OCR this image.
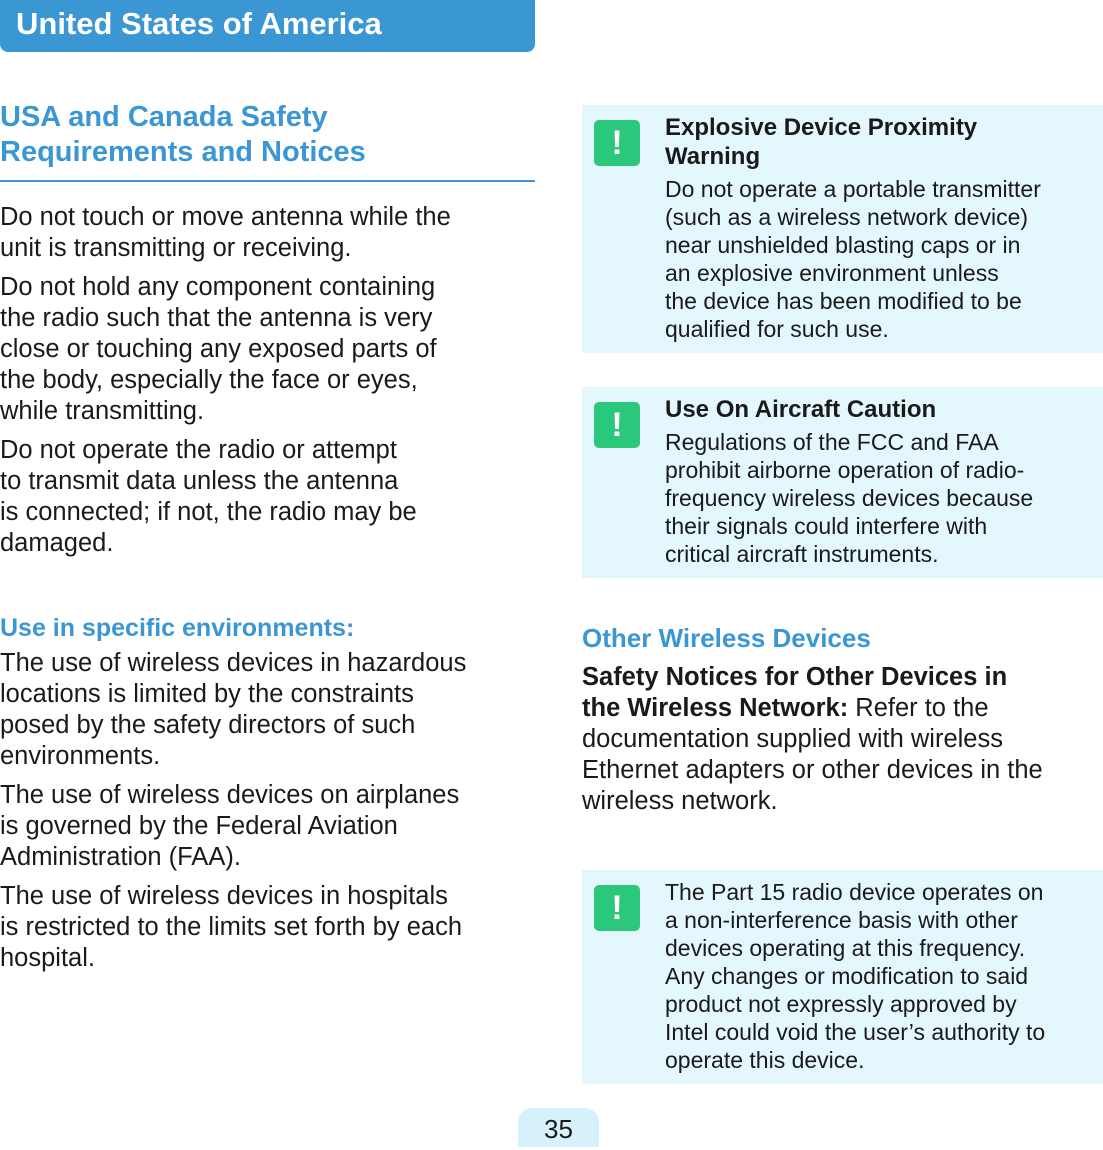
United States of America
USA and Canada Safety
Requirements and Notices

Do not touch or move antenna while the
unit is transmitting or receiving.

Do not hold any component containing
the radio such that the antenna is very
close or touching any exposed parts of
the body, especially the face or eyes,
while transmitting.

Do not operate the radio or attempt
to transmit data unless the antenna
is connected; if not, the radio may be
damaged.

Use in specific environments:

The use of wireless devices in hazardous
locations is limited by the constraints
posed by the safety directors of such
environments.

The use of wireless devices on airplanes
is governed by the Federal Aviation
Administration (FAA).

The use of wireless devices in hospitals
is restricted to the limits set forth by each
hospital.

!	Explosive Device Proximity
Warning

Do not operate a portable transmitter
(such as a wireless network device)
near unshielded blasting caps or in
an explosive environment unless
the device has been modified to be
qualified for such use.

!	Use On Aircraft Caution

Regulations of the FCC and FAA
prohibit airborne operation of radio-
frequency wireless devices because
their signals could interfere with
critical aircraft instruments.

Other Wireless Devices

Safety Notices for Other Devices in
the Wireless Network: Refer to the
documentation supplied with wireless
Ethernet adapters or other devices in the
wireless network.

!	The Part 15 radio device operates on
a non-interference basis with other
devices operating at this frequency.
Any changes or modification to said
product not expressly approved by
Intel could void the user’s authority to
operate this device.

35
